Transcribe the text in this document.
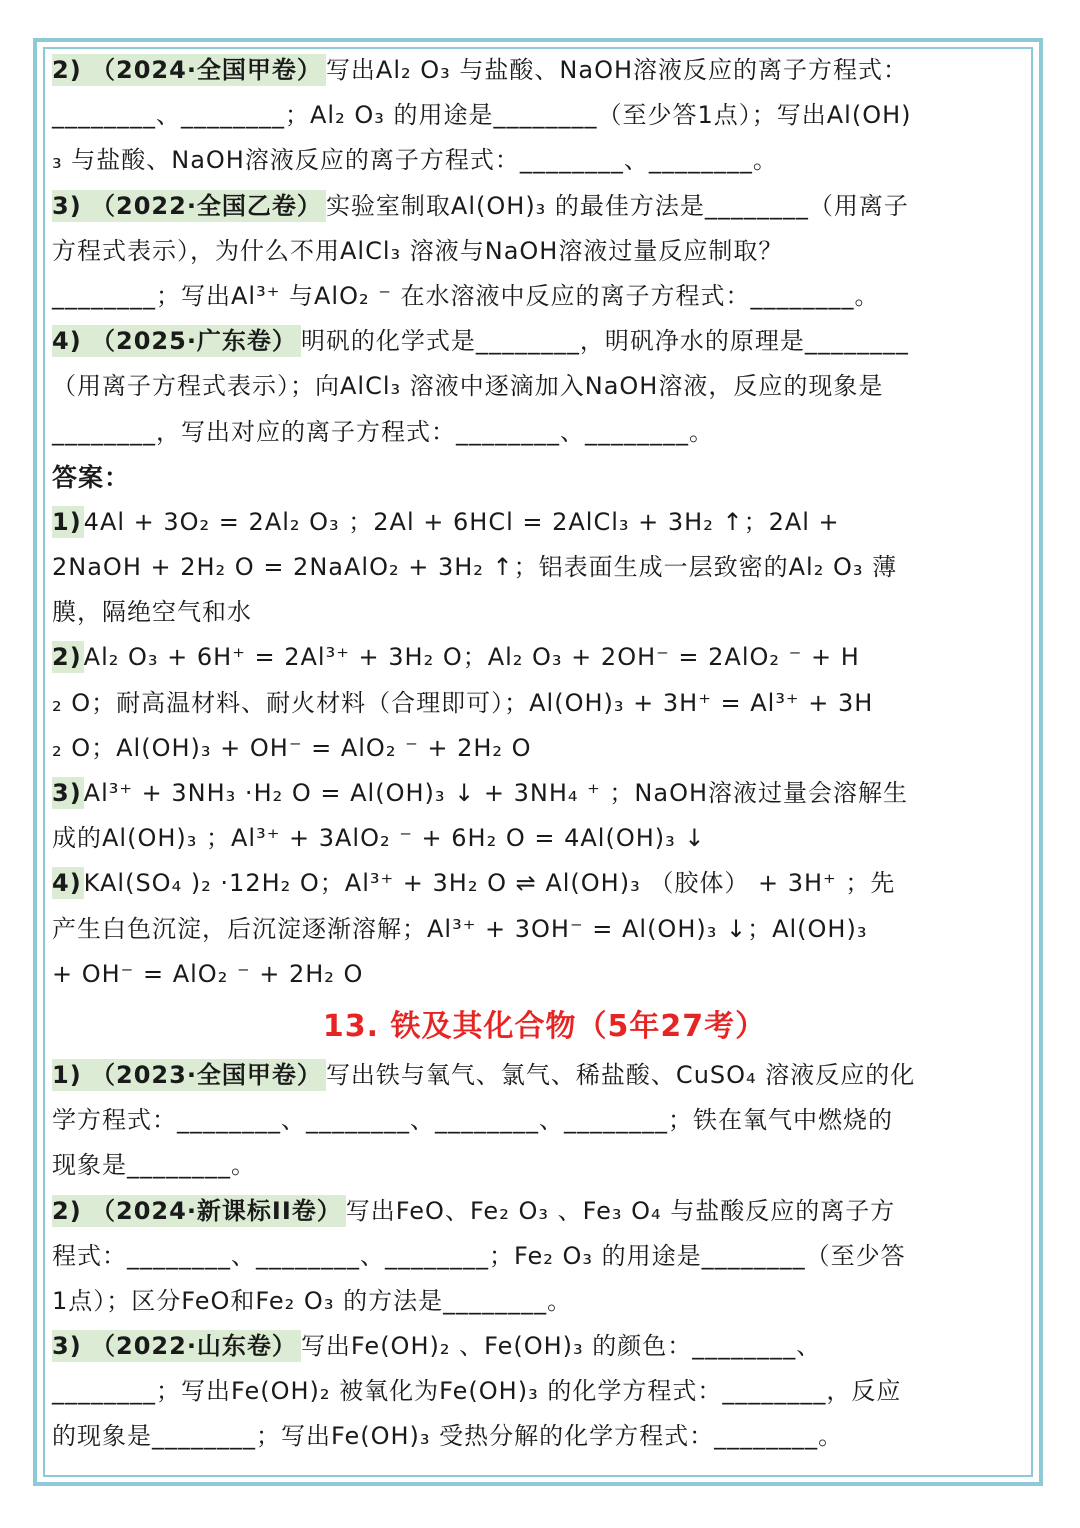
2) （2024·全国甲卷） 写出Al₂ O₃ 与盐酸、NaOH溶液反应的离子方程式：
________、________；Al₂ O₃ 的用途是________（至少答1点）；写出Al(OH)
₃ 与盐酸、NaOH溶液反应的离子方程式：________、________。
3) （2022·全国乙卷） 实验室制取Al(OH)₃ 的最佳方法是________（用离子
方程式表示），为什么不用AlCl₃ 溶液与NaOH溶液过量反应制取？
________；写出Al³⁺ 与AlO₂ ⁻ 在水溶液中反应的离子方程式：________。
4) （2025·广东卷） 明矾的化学式是________，明矾净水的原理是________
（用离子方程式表示）；向AlCl₃ 溶液中逐滴加入NaOH溶液，反应的现象是
________，写出对应的离子方程式：________、________。
答案：
1)4Al + 3O₂ = 2Al₂ O₃ ；2Al + 6HCl = 2AlCl₃ + 3H₂ ↑；2Al +
2NaOH + 2H₂ O = 2NaAlO₂ + 3H₂ ↑；铝表面生成一层致密的Al₂ O₃ 薄
膜，隔绝空气和水
2)Al₂ O₃ + 6H⁺ = 2Al³⁺ + 3H₂ O；Al₂ O₃ + 2OH⁻ = 2AlO₂ ⁻ + H
₂ O；耐高温材料、耐火材料（合理即可）；Al(OH)₃ + 3H⁺ = Al³⁺ + 3H
₂ O；Al(OH)₃ + OH⁻ = AlO₂ ⁻ + 2H₂ O
3)Al³⁺ + 3NH₃ ·H₂ O = Al(OH)₃ ↓ + 3NH₄ ⁺ ；NaOH溶液过量会溶解生
成的Al(OH)₃ ；Al³⁺ + 3AlO₂ ⁻ + 6H₂ O = 4Al(OH)₃ ↓
4)KAl(SO₄ )₂ ·12H₂ O；Al³⁺ + 3H₂ O ⇌ Al(OH)₃ （胶体） + 3H⁺ ；先
产生白色沉淀，后沉淀逐渐溶解；Al³⁺ + 3OH⁻ = Al(OH)₃ ↓；Al(OH)₃
+ OH⁻ = AlO₂ ⁻ + 2H₂ O
13. 铁及其化合物（5年27考）
1) （2023·全国甲卷） 写出铁与氧气、氯气、稀盐酸、CuSO₄ 溶液反应的化
学方程式：________、________、________、________；铁在氧气中燃烧的
现象是________。
2) （2024·新课标II卷） 写出FeO、Fe₂ O₃ 、Fe₃ O₄ 与盐酸反应的离子方
程式：________、________、________；Fe₂ O₃ 的用途是________（至少答
1点）；区分FeO和Fe₂ O₃ 的方法是________。
3) （2022·山东卷） 写出Fe(OH)₂ 、Fe(OH)₃ 的颜色：________、
________；写出Fe(OH)₂ 被氧化为Fe(OH)₃ 的化学方程式：________，反应
的现象是________；写出Fe(OH)₃ 受热分解的化学方程式：________。
